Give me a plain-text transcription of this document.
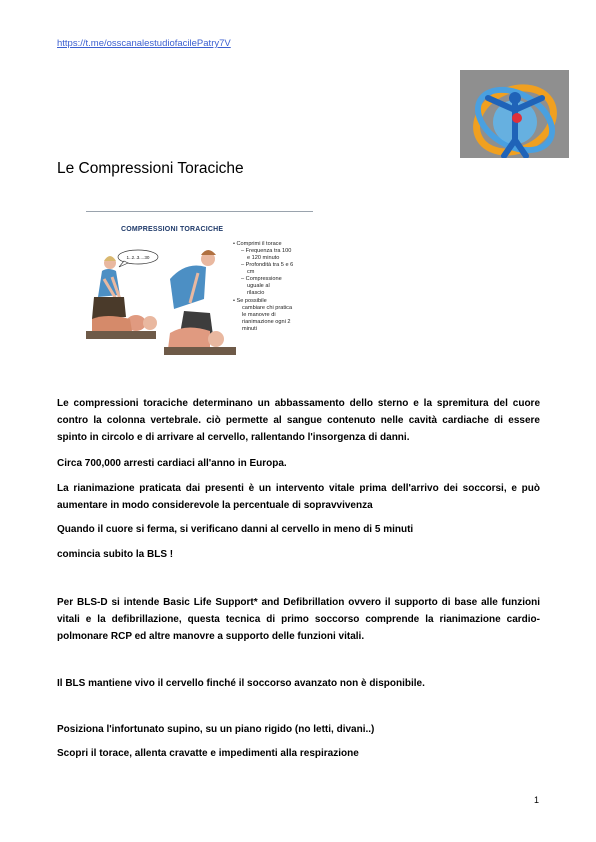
https://t.me/osscanalestudiofacilePatry7V
Le Compressioni Toraciche
COMPRESSIONI TORACICHE
1..2..3....30
• Comprimi il torace
– Frequenza tra 100
e 120 minuto
– Profondità tra 5 e 6
cm
– Compressione
uguale al
rilascio
• Se possibile
cambiare chi pratica
le manovre di
rianimazione ogni 2
minuti

Le compressioni toraciche determinano un abbassamento dello sterno e la spremitura del cuore contro la colonna vertebrale. ciò permette al sangue contenuto nelle cavità cardiache di essere spinto in circolo e di arrivare al cervello, rallentando l'insorgenza di danni.

Circa 700,000 arresti cardiaci all'anno in Europa.

La rianimazione praticata dai presenti è un intervento vitale prima dell'arrivo dei soccorsi, e può aumentare in modo considerevole la percentuale di sopravvivenza

Quando il cuore si ferma, si verificano danni al cervello in meno di 5 minuti

comincia subito la BLS !

Per BLS-D si intende Basic Life Support* and Defibrillation ovvero il supporto di base alle funzioni vitali e la defibrillazione, questa tecnica di primo soccorso comprende la rianimazione cardio-polmonare RCP ed altre manovre a supporto delle funzioni vitali.

Il BLS mantiene vivo il cervello finché il soccorso avanzato non è disponibile.

Posiziona l'infortunato supino, su un piano rigido (no letti, divani..)

Scopri il torace, allenta cravatte e impedimenti alla respirazione

1
